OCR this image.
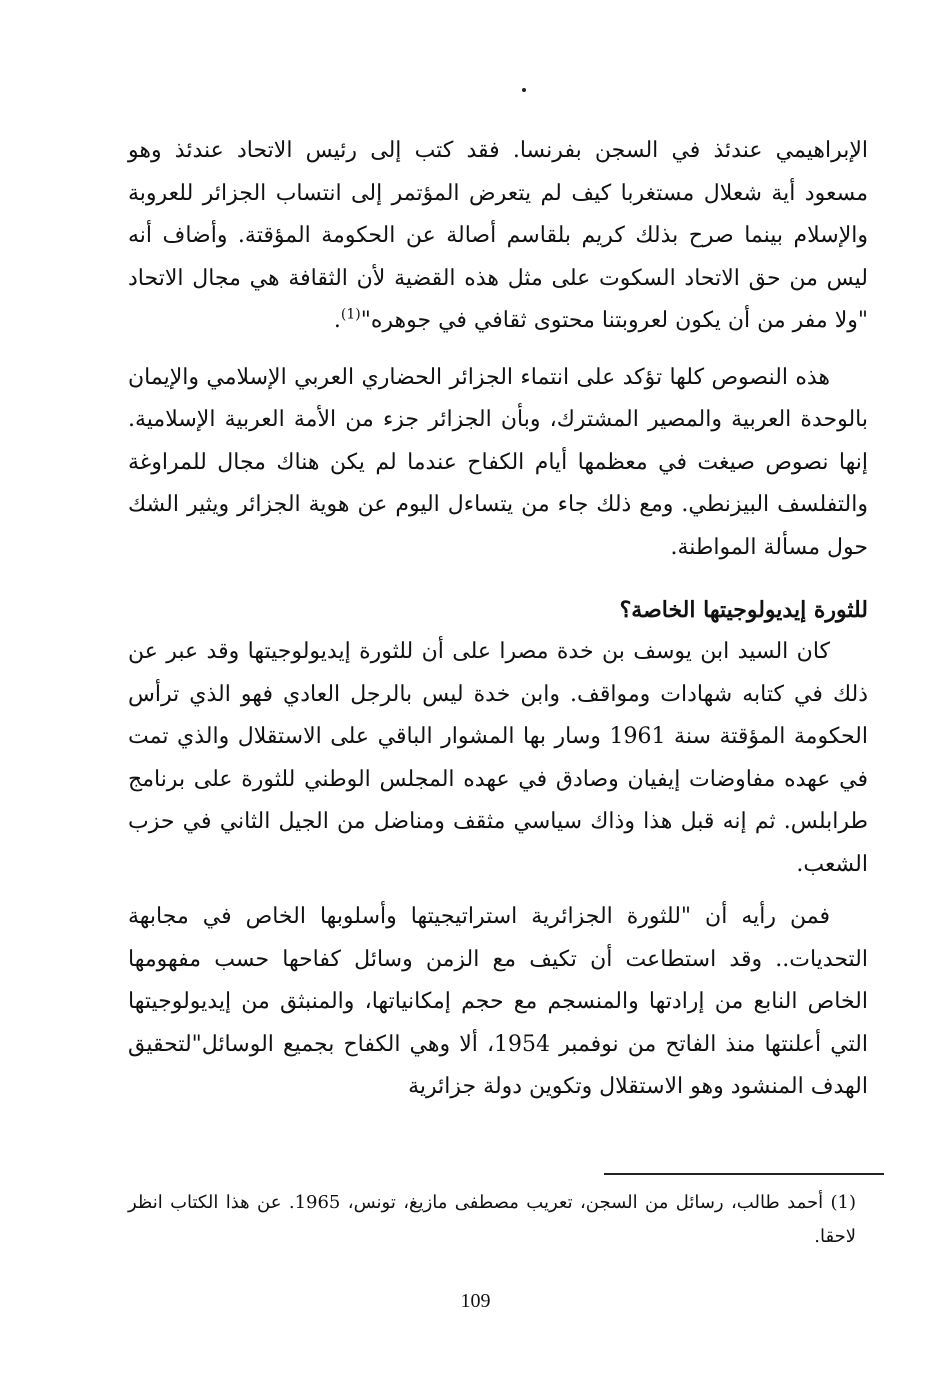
الإبراهيمي عندئذ في السجن بفرنسا. فقد كتب إلى رئيس الاتحاد عندئذ وهو مسعود أية شعلال مستغربا كيف لم يتعرض المؤتمر إلى انتساب الجزائر للعروبة والإسلام بينما صرح بذلك كريم بلقاسم أصالة عن الحكومة المؤقتة. وأضاف أنه ليس من حق الاتحاد السكوت على مثل هذه القضية لأن الثقافة هي مجال الاتحاد "ولا مفر من أن يكون لعروبتنا محتوى ثقافي في جوهره"$^{(1)}$.

هذه النصوص كلها تؤكد على انتماء الجزائر الحضاري العربي الإسلامي والإيمان بالوحدة العربية والمصير المشترك، وبأن الجزائر جزء من الأمة العربية الإسلامية. إنها نصوص صيغت في معظمها أيام الكفاح عندما لم يكن هناك مجال للمراوغة والتفلسف البيزنطي. ومع ذلك جاء من يتساءل اليوم عن هوية الجزائر ويثير الشك حول مسألة المواطنة.

للثورة إيديولوجيتها الخاصة؟

كان السيد ابن يوسف بن خدة مصرا على أن للثورة إيديولوجيتها وقد عبر عن ذلك في كتابه شهادات ومواقف. وابن خدة ليس بالرجل العادي فهو الذي ترأس الحكومة المؤقتة سنة 1961 وسار بها المشوار الباقي على الاستقلال والذي تمت في عهده مفاوضات إيفيان وصادق في عهده المجلس الوطني للثورة على برنامج طرابلس. ثم إنه قبل هذا وذاك سياسي مثقف ومناضل من الجيل الثاني في حزب الشعب.

فمن رأيه أن "للثورة الجزائرية استراتيجيتها وأسلوبها الخاص في مجابهة التحديات.. وقد استطاعت أن تكيف مع الزمن وسائل كفاحها حسب مفهومها الخاص النابع من إرادتها والمنسجم مع حجم إمكانياتها، والمنبثق من إيديولوجيتها التي أعلنتها منذ الفاتح من نوفمبر 1954، ألا وهي الكفاح بجميع الوسائل"لتحقيق الهدف المنشود وهو الاستقلال وتكوين دولة جزائرية

(1) أحمد طالب، رسائل من السجن، تعريب مصطفى مازيغ، تونس، 1965. عن هذا الكتاب انظر لاحقا.
109
